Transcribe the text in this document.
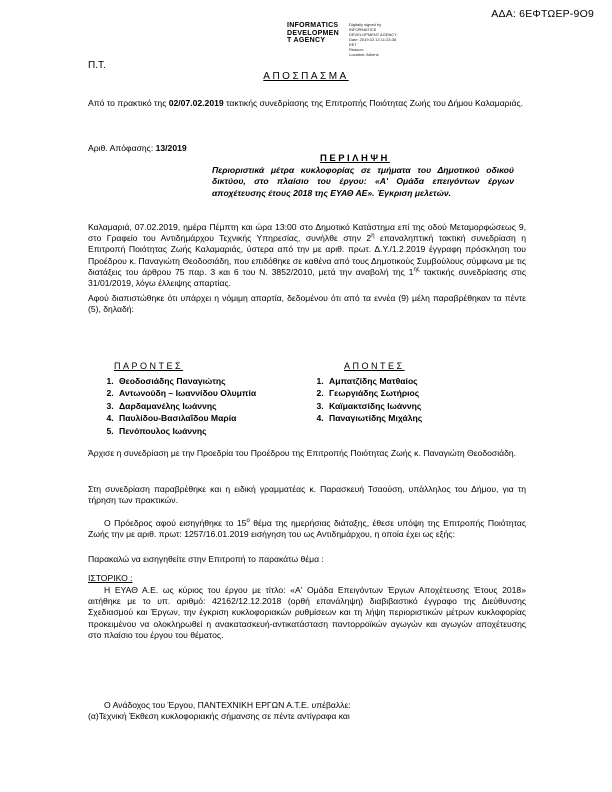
ΑΔΑ: 6ΕΦΤΩΕΡ-9Ο9
INFORMATICS
DEVELOPMEN
T AGENCY
Digitally signed by
INFORMATICS
DEVELOPMENT AGENCY
Date: 2019.02.13 11:23:38
EET
Reason:
Location: Athens
Π.Τ.
ΑΠΟΣΠΑΣΜΑ
Από το πρακτικό της 02/07.02.2019 τακτικής συνεδρίασης της Επιτροπής Ποιότητας Ζωής του Δήμου Καλαμαριάς.
Αριθ. Απόφασης: 13/2019
ΠΕΡΙΛΗΨΗ
Περιοριστικά μέτρα κυκλοφορίας σε τμήματα του Δημοτικού οδικού δικτύου, στο πλαίσιο του έργου: «Α' Ομάδα επειγόντων έργων αποχέτευσης έτους 2018 της ΕΥΑΘ ΑΕ». Έγκριση μελετών.
Καλαμαριά, 07.02.2019, ημέρα Πέμπτη και ώρα 13:00 στο Δημοτικό Κατάστημα επί της οδού Μεταμορφώσεως 9, στο Γραφείο του Αντιδημάρχου Τεχνικής Υπηρεσίας, συνήλθε στην $2^\eta$ επαναληπτική τακτική συνεδρίαση η Επιτροπή Ποιότητας Ζωής Καλαμαριάς, ύστερα από την με αριθ. πρωτ. Δ.Υ./1.2.2019 έγγραφη πρόσκληση του Προέδρου κ. Παναγιώτη Θεοδοσιάδη, που επιδόθηκε σε καθένα από τους Δημοτικούς Συμβούλους σύμφωνα με τις διατάξεις του άρθρου 75 παρ. 3 και 6 του Ν. 3852/2010, μετά την αναβολή της $1^{\eta\varsigma}$ τακτικής συνεδρίασης στις 31/01/2019, λόγω έλλειψης απαρτίας.
Αφού διαπιστώθηκε ότι υπάρχει η νόμιμη απαρτία, δεδομένου ότι από τα εννέα (9) μέλη παραβρέθηκαν τα πέντε (5), δηλαδή:
ΠΑΡΟΝΤΕΣ
1. Θεοδοσιάδης Παναγιώτης
2. Αντωνούδη – Ιωαννίδου Ολυμπία
3. Δαρδαμανέλης Ιωάννης
4. Παυλίδου-Βασιλαΐδου Μαρία
5. Πενόπουλος Ιωάννης
ΑΠΟΝΤΕΣ
1. Αμπατζίδης Ματθαίος
2. Γεωργιάδης Σωτήριος
3. Καϊμακτσίδης Ιωάννης
4. Παναγιωτίδης Μιχάλης
Άρχισε η συνεδρίαση με την Προεδρία του Προέδρου της Επιτροπής Ποιότητας Ζωής κ. Παναγιώτη Θεοδοσιάδη.
Στη συνεδρίαση παραβρέθηκε και η ειδική γραμματέας κ. Παρασκευή Τσαούση, υπάλληλος του Δήμου, για τη τήρηση των πρακτικών.
Ο Πρόεδρος αφού εισηγήθηκε το $15^o$ θέμα της ημερήσιας διάταξης, έθεσε υπόψη της Επιτροπής Ποιότητας Ζωής την με αριθ. πρωτ: 1257/16.01.2019 εισήγηση του ως Αντιδημάρχου, η οποία έχει ως εξής:
Παρακαλώ να εισηγηθείτε στην Επιτροπή το παρακάτω θέμα :
ΙΣΤΟΡΙΚΟ :
Η ΕΥΑΘ Α.Ε. ως κύριος του έργου με τίτλο: «Α' Ομάδα Επειγόντων Έργων Αποχέτευσης Έτους 2018» αιτήθηκε με το υπ. αριθμό: 42162/12.12.2018 (ορθή επανάληψη) διαβιβαστικό έγγραφο της Διεύθυνσης Σχεδιασμού και Έργων, την έγκριση κυκλοφοριακών ρυθμίσεων και τη λήψη περιοριστικών μέτρων κυκλοφορίας προκειμένου να ολοκληρωθεί η ανακατασκευή-αντικατάσταση παντορροϊκών αγωγών και αγωγών αποχέτευσης στο πλαίσιο του έργου του θέματος.
Ο Ανάδοχος του Έργου, ΠΑΝΤΕΧΝΙΚΗ ΕΡΓΩΝ Α.Τ.Ε. υπέβαλλε:
(α)Τεχνική Έκθεση κυκλοφοριακής σήμανσης σε πέντε αντίγραφα και
